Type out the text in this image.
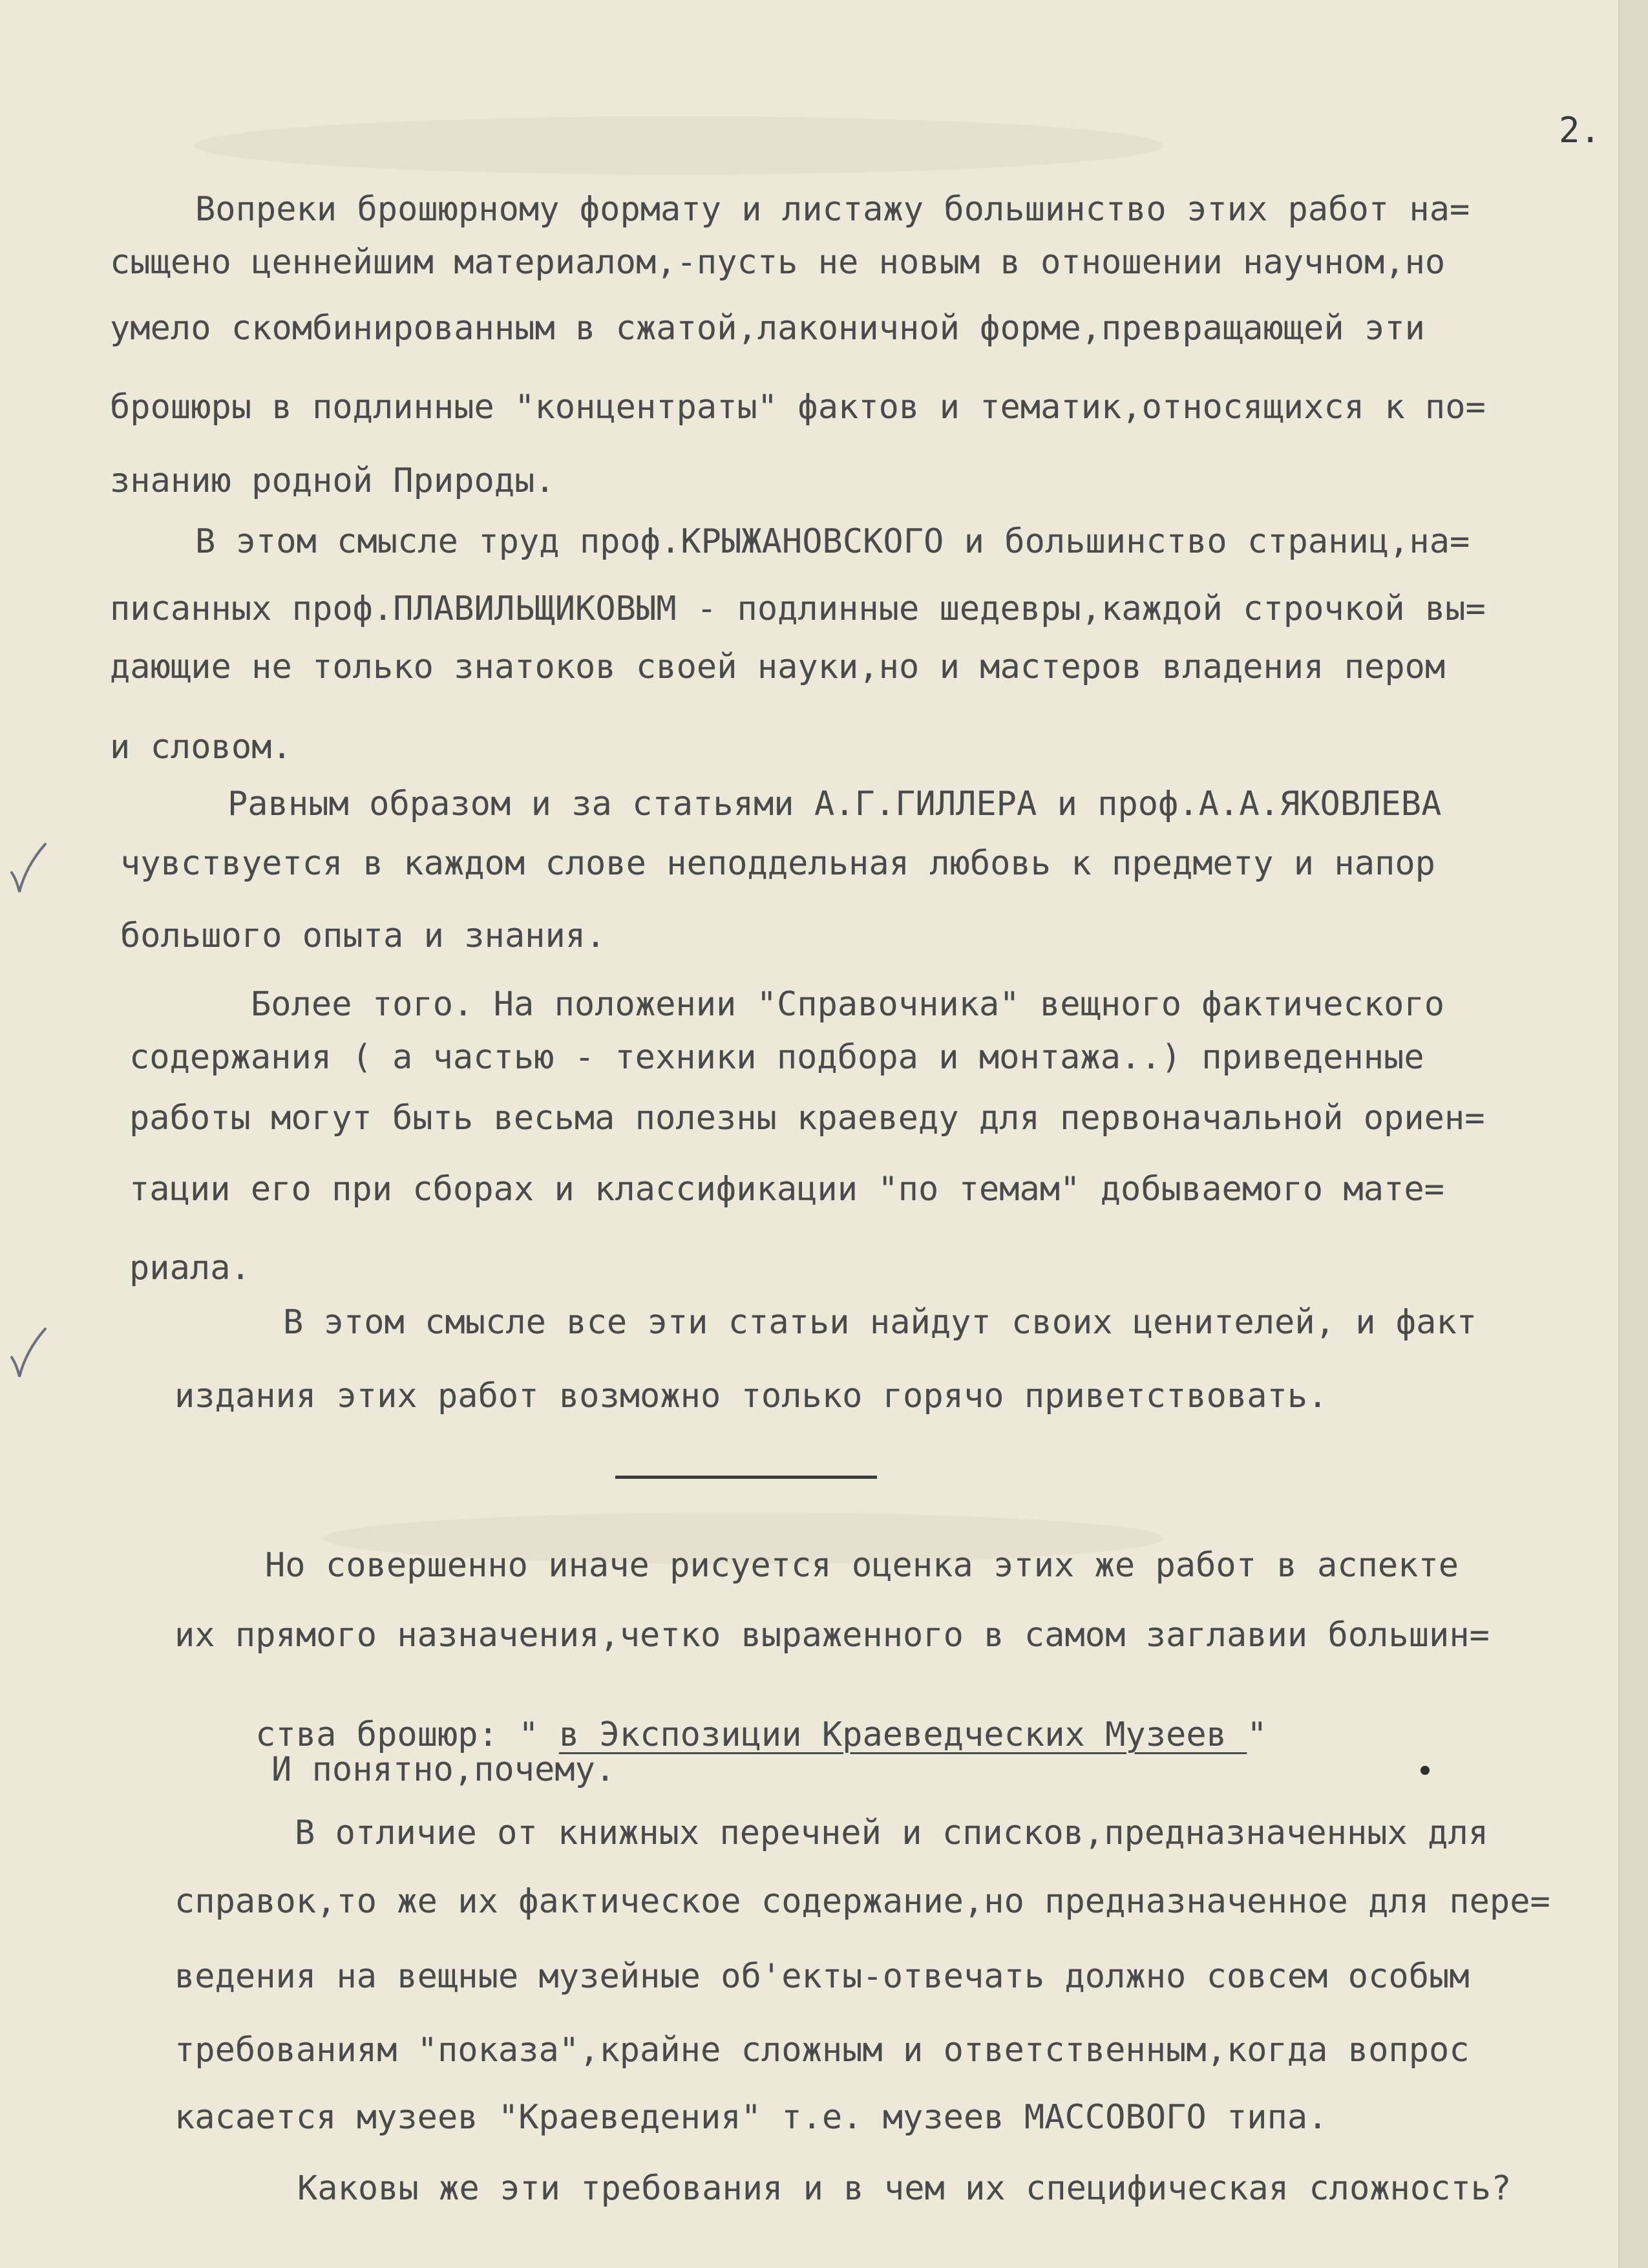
2.
Вопреки брошюрному формату и листажу большинство этих работ на=
сыщено ценнейшим материалом,-пусть не новым в отношении научном,но
умело скомбинированным в сжатой,лаконичной форме,превращающей эти
брошюры в подлинные "концентраты" фактов и тематик,относящихся к по=
знанию родной Природы.
В этом смысле труд проф.КРЫЖАНОВСКОГО и большинство страниц,на=
писанных проф.ПЛАВИЛЬЩИКОВЫМ - подлинные шедевры,каждой строчкой вы=
дающие не только знатоков своей науки,но и мастеров владения пером
и словом.
Равным образом и за статьями А.Г.ГИЛЛЕРА и проф.А.А.ЯКОВЛЕВА
чувствуется в каждом слове неподдельная любовь к предмету и напор
большого опыта и знания.
Более того. На положении "Справочника" вещного фактического
содержания ( а частью - техники подбора и монтажа..) приведенные
работы могут быть весьма полезны краеведу для первоначальной ориен=
тации его при сборах и классификации "по темам" добываемого мате=
риала.
В этом смысле все эти статьи найдут своих ценителей, и факт
издания этих работ возможно только горячо приветствовать.
Но совершенно иначе рисуется оценка этих же работ в аспекте
их прямого назначения,четко выраженного в самом заглавии большин=

ства брошюр: " в Экспозиции Краеведческих Музеев "

И понятно,почему.
В отличие от книжных перечней и списков,предназначенных для
справок,то же их фактическое содержание,но предназначенное для пере=
ведения на вещные музейные об'екты-отвечать должно совсем особым
требованиям "показа",крайне сложным и ответственным,когда вопрос
касается музеев "Краеведения" т.е. музеев МАССОВОГО типа.
Каковы же эти требования и в чем их специфическая сложность?
